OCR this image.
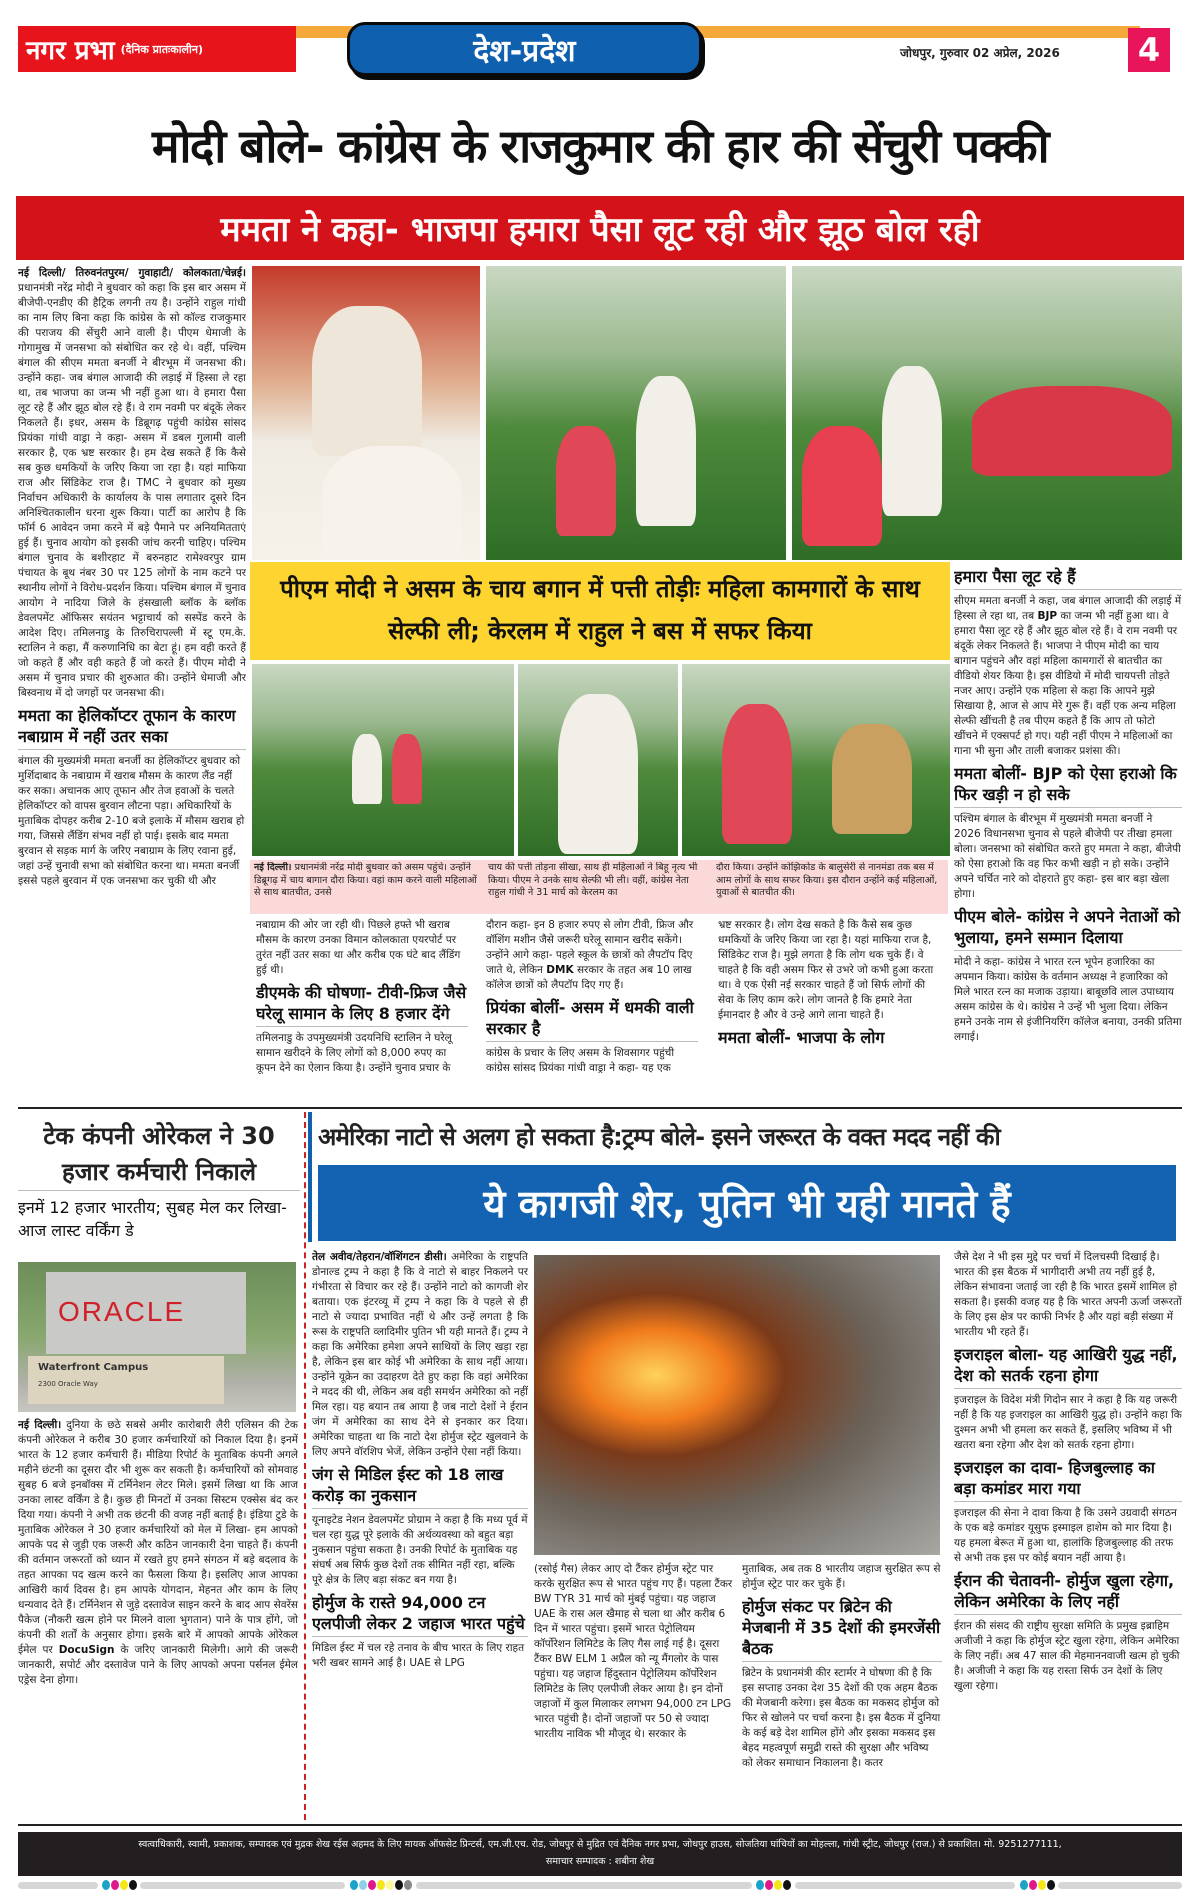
नगर प्रभा (दैनिक प्रातःकालीन)	देश-प्रदेश	जोधपुर, गुरुवार 02 अप्रेल, 2026	4
मोदी बोले- कांग्रेस के राजकुमार की हार की सेंचुरी पक्की
ममता ने कहा- भाजपा हमारा पैसा लूट रही और झूठ बोल रही
नई दिल्ली/ तिरुवनंतपुरम/ गुवाहाटी/ कोलकाता/चेन्नई। प्रधानमंत्री नरेंद्र मोदी ने बुधवार को कहा कि इस बार असम में बीजेपी-एनडीए की हैट्रिक लगनी तय है। उन्होंने राहुल गांधी का नाम लिए बिना कहा कि कांग्रेस के सो कॉल्ड राजकुमार की पराजय की सेंचुरी आने वाली है। पीएम धेमाजी के गोगामुख में जनसभा को संबोधित कर रहे थे। वहीं, पश्चिम बंगाल की सीएम ममता बनर्जी ने बीरभूम में जनसभा की। उन्होंने कहा- जब बंगाल आजादी की लड़ाई में हिस्सा ले रहा था, तब भाजपा का जन्म भी नहीं हुआ था। वे हमारा पैसा लूट रहे हैं और झूठ बोल रहे हैं। वे राम नवमी पर बंदूकें लेकर निकलते हैं। इधर, असम के डिब्रूगढ़ पहुंची कांग्रेस सांसद प्रियंका गांधी वाड्रा ने कहा- असम में डबल गुलामी वाली सरकार है, एक भ्रष्ट सरकार है। हम देख सकते हैं कि कैसे सब कुछ धमकियों के जरिए किया जा रहा है। यहां माफिया राज और सिंडिकेट राज है। TMC ने बुधवार को मुख्य निर्वाचन अधिकारी के कार्यालय के पास लगातार दूसरे दिन अनिश्चितकालीन धरना शुरू किया। पार्टी का आरोप है कि फॉर्म 6 आवेदन जमा करने में बड़े पैमाने पर अनियमितताएं हुई हैं। चुनाव आयोग को इसकी जांच करनी चाहिए। पश्चिम बंगाल चुनाव के बशीरहाट में बरुनहाट रामेश्वरपुर ग्राम पंचायत के बूथ नंबर 30 पर 125 लोगों के नाम कटने पर स्थानीय लोगों ने विरोध-प्रदर्शन किया। पश्चिम बंगाल में चुनाव आयोग ने नादिया जिले के हंसखाली ब्लॉक के ब्लॉक डेवलपमेंट ऑफिसर सयंतन भट्टाचार्य को सस्पेंड करने के आदेश दिए। तमिलनाडु के तिरुचिरापल्ली में स्टू एम.के. स्टालिन ने कहा, मैं करुणानिधि का बेटा हूं। हम वही करते हैं जो कहते हैं और वही कहते हैं जो करते हैं। पीएम मोदी ने असम में चुनाव प्रचार की शुरुआत की। उन्होंने धेमाजी और बिस्वनाथ में दो जगहों पर जनसभा की।
ममता का हेलिकॉप्टर तूफान के कारण नबाग्राम में नहीं उतर सका
बंगाल की मुख्यमंत्री ममता बनर्जी का हेलिकॉप्टर बुधवार को मुर्शिदाबाद के नबाग्राम में खराब मौसम के कारण लैंड नहीं कर सका। अचानक आए तूफान और तेज हवाओं के चलते हेलिकॉप्टर को वापस बुरवान लौटना पड़ा। अधिकारियों के मुताबिक दोपहर करीब 2-10 बजे इलाके में मौसम खराब हो गया, जिससे लैंडिंग संभव नहीं हो पाई। इसके बाद ममता बुरवान से सड़क मार्ग के जरिए नबाग्राम के लिए रवाना हुई, जहां उन्हें चुनावी सभा को संबोधित करना था। ममता बनर्जी इससे पहले बुरवान में एक जनसभा कर चुकी थी और
पीएम मोदी ने असम के चाय बगान में पत्ती तोड़ीः महिला कामगारों के साथ सेल्फी ली; केरलम में राहुल ने बस में सफर किया
नई दिल्ली। प्रधानमंत्री नरेंद्र मोदी बुधवार को असम पहुंचे। उन्होंने डिब्रूगढ़ में चाय बागान दौरा किया। वहां काम करने वाली महिलाओं से साथ बातचीत, उनसे
चाय की पत्ती तोड़ना सीखा, साथ ही महिलाओं ने बिहू नृत्य भी किया। पीएम ने उनके साथ सेल्फी भी ली। वहीं, कांग्रेस नेता राहुल गांधी ने 31 मार्च को केरलम का
दौरा किया। उन्होंने कोझिकोड के बालुसेरी से नानमंडा तक बस में आम लोगों के साथ सफर किया। इस दौरान उन्होंने कई महिलाओं, युवाओं से बातचीत की।
नबाग्राम की ओर जा रही थी। पिछले हफ्ते भी खराब मौसम के कारण उनका विमान कोलकाता एयरपोर्ट पर तुरंत नहीं उतर सका था और करीब एक घंटे बाद लैंडिंग हुई थी।
डीएमके की घोषणा- टीवी-फ्रिज जैसे घरेलू सामान के लिए 8 हजार देंगे
तमिलनाडु के उपमुख्यमंत्री उदयनिधि स्टालिन ने घरेलू सामान खरीदने के लिए लोगों को 8,000 रुपए का कूपन देने का ऐलान किया है। उन्होंने चुनाव प्रचार के
दौरान कहा- इन 8 हजार रुपए से लोग टीवी, फ्रिज और वॉशिंग मशीन जैसे जरूरी घरेलू सामान खरीद सकेंगे। उन्होंने आगे कहा- पहले स्कूल के छात्रों को लैपटॉप दिए जाते थे, लेकिन DMK सरकार के तहत अब 10 लाख कॉलेज छात्रों को लैपटॉप दिए गए हैं।
प्रियंका बोलीं- असम में धमकी वाली सरकार है
कांग्रेस के प्रचार के लिए असम के शिवसागर पहुंची कांग्रेस सांसद प्रियंका गांधी वाड्रा ने कहा- यह एक
भ्रष्ट सरकार है। लोग देख सकते है कि कैसे सब कुछ धमकियों के जरिए किया जा रहा है। यहां माफिया राज है, सिंडिकेट राज है। मुझे लगता है कि लोग थक चुके हैं। वे चाहते है कि वही असम फिर से उभरे जो कभी हुआ करता था। वे एक ऐसी नई सरकार चाहते हैं जो सिर्फ लोगों की सेवा के लिए काम करे। लोग जानते है कि हमारे नेता ईमानदार है और वे उन्हे आगे लाना चाहते हैं।
ममता बोलीं- भाजपा के लोग
हमारा पैसा लूट रहे हैं
सीएम ममता बनर्जी ने कहा, जब बंगाल आजादी की लड़ाई में हिस्सा ले रहा था, तब BJP का जन्म भी नहीं हुआ था। वे हमारा पैसा लूट रहे हैं और झूठ बोल रहे हैं। वे राम नवमी पर बंदूकें लेकर निकलते हैं। भाजपा ने पीएम मोदी का चाय बागान पहुंचने और वहां महिला कामगारों से बातचीत का वीडियो शेयर किया है। इस वीडियो में मोदी चायपत्ती तोड़ते नजर आए। उन्होंने एक महिला से कहा कि आपने मुझे सिखाया है, आज से आप मेरे गुरू हैं। वहीं एक अन्य महिला सेल्फी खींचती है तब पीएम कहते हैं कि आप तो फोटो खींचने में एक्सपर्ट हो गए। यही नहीं पीएम ने महिलाओं का गाना भी सुना और ताली बजाकर प्रशंसा की।
ममता बोलीं- BJP को ऐसा हराओ कि फिर खड़ी न हो सके
पश्चिम बंगाल के बीरभूम में मुख्यमंत्री ममता बनर्जी ने 2026 विधानसभा चुनाव से पहले बीजेपी पर तीखा हमला बोला। जनसभा को संबोधित करते हुए ममता ने कहा, बीजेपी को ऐसा हराओ कि वह फिर कभी खड़ी न हो सके। उन्होंने अपने चर्चित नारे को दोहराते हुए कहा- इस बार बड़ा खेला होगा।
पीएम बोले- कांग्रेस ने अपने नेताओं को भुलाया, हमने सम्मान दिलाया
मोदी ने कहा- कांग्रेस ने भारत रत्न भूपेन हजारिका का अपमान किया। कांग्रेस के वर्तमान अध्यक्ष ने हजारिका को मिले भारत रत्न का मजाक उड़ाया। बाबूछवि लाल उपाध्याय असम कांग्रेस के थे। कांग्रेस ने उन्हें भी भुला दिया। लेकिन हमने उनके नाम से इंजीनियरिंग कॉलेज बनाया, उनकी प्रतिमा लगाई।
टेक कंपनी ओरेकल ने 30 हजार कर्मचारी निकाले
इनमें 12 हजार भारतीय; सुबह मेल कर लिखा- आज लास्ट वर्किंग डे
ORACLE
Waterfront Campus
2300 Oracle Way
नई दिल्ली। दुनिया के छठे सबसे अमीर कारोबारी लैरी एलिसन की टेक कंपनी ओरेकल ने करीब 30 हजार कर्मचारियों को निकाल दिया है। इनमें भारत के 12 हजार कर्मचारी हैं। मीडिया रिपोर्ट के मुताबिक कंपनी अगले महीने छंटनी का दूसरा दौर भी शुरू कर सकती है। कर्मचारियों को सोमवाह सुबह 6 बजे इनबॉक्स में टर्मिनेशन लेटर मिले। इसमें लिखा था कि आज उनका लास्ट वर्किंग डे है। कुछ ही मिनटों में उनका सिस्टम एक्सेस बंद कर दिया गया। कंपनी ने अभी तक छंटनी की वजह नहीं बताई है। इंडिया टुडे के मुताबिक ओरेकल ने 30 हजार कर्मचारियों को मेल में लिखा- हम आपको आपके पद से जुड़ी एक जरूरी और कठिन जानकारी देना चाहते हैं। कंपनी की वर्तमान जरूरतों को ध्यान में रखते हुए हमने संगठन में बड़े बदलाव के तहत आपका पद खत्म करने का फैसला किया है। इसलिए आज आपका आखिरी कार्य दिवस है। हम आपके योगदान, मेहनत और काम के लिए धन्यवाद देते हैं। टर्मिनेशन से जुड़े दस्तावेज साइन करने के बाद आप सेवरेंस पैकेज (नौकरी खत्म होने पर मिलने वाला भुगतान) पाने के पात्र होंगे, जो कंपनी की शर्तों के अनुसार होगा। इसके बारे में आपको आपके ओरेकल ईमेल पर DocuSign के जरिए जानकारी मिलेगी। आगे की जरूरी जानकारी, सपोर्ट और दस्तावेज पाने के लिए आपको अपना पर्सनल ईमेल एड्रेस देना होगा।
अमेरिका नाटो से अलग हो सकता है:ट्रम्प बोले- इसने जरूरत के वक्त मदद नहीं की
ये कागजी शेर, पुतिन भी यही मानते हैं
तेल अवीव/तेहरान/वॉशिंगटन डीसी। अमेरिका के राष्ट्रपति डोनाल्ड ट्रम्प ने कहा है कि वे नाटो से बाहर निकलने पर गंभीरता से विचार कर रहे हैं। उन्होंने नाटो को कागजी शेर बताया। एक इंटरव्यू में ट्रम्प ने कहा कि वे पहले से ही नाटो से ज्यादा प्रभावित नहीं थे और उन्हें लगता है कि रूस के राष्ट्रपति व्लादिमीर पुतिन भी यही मानते हैं। ट्रम्प ने कहा कि अमेरिका हमेशा अपने साथियों के लिए खड़ा रहा है, लेकिन इस बार कोई भी अमेरिका के साथ नहीं आया। उन्होंने यूक्रेन का उदाहरण देते हुए कहा कि वहां अमेरिका ने मदद की थी, लेकिन अब वही समर्थन अमेरिका को नहीं मिल रहा। यह बयान तब आया है जब नाटो देशों ने ईरान जंग में अमेरिका का साथ देने से इनकार कर दिया। अमेरिका चाहता था कि नाटो देश होर्मुज स्ट्रेट खुलवाने के लिए अपने वॉरशिप भेजें, लेकिन उन्होंने ऐसा नहीं किया।
जंग से मिडिल ईस्ट को 18 लाख करोड़ का नुकसान
यूनाइटेड नेशन डेवलपमेंट प्रोग्राम ने कहा है कि मध्य पूर्व में चल रहा युद्ध पूरे इलाके की अर्थव्यवस्था को बहुत बड़ा नुकसान पहुंचा सकता है। उनकी रिपोर्ट के मुताबिक यह संघर्ष अब सिर्फ कुछ देशों तक सीमित नहीं रहा, बल्कि पूरे क्षेत्र के लिए बड़ा संकट बन गया है।
होर्मुज के रास्ते 94,000 टन एलपीजी लेकर 2 जहाज भारत पहुंचे
मिडिल ईस्ट में चल रहे तनाव के बीच भारत के लिए राहत भरी खबर सामने आई है। UAE से LPG
(रसोई गैस) लेकर आए दो टैंकर होर्मुज स्ट्रेट पार करके सुरक्षित रूप से भारत पहुंच गए हैं। पहला टैंकर BW TYR 31 मार्च को मुंबई पहुंचा। यह जहाज UAE के रास अल खैमाह से चला था और करीब 6 दिन में भारत पहुंचा। इसमें भारत पेट्रोलियम कॉर्पोरेशन लिमिटेड के लिए गैस लाई गई है। दूसरा टैंकर BW ELM 1 अप्रैल को न्यू मैंगलोर के पास पहुंचा। यह जहाज हिंदुस्तान पेट्रोलियम कॉर्पोरेशन लिमिटेड के लिए एलपीजी लेकर आया है। इन दोनों जहाजों में कुल मिलाकर लगभग 94,000 टन LPG भारत पहुंची है। दोनों जहाजों पर 50 से ज्यादा भारतीय नाविक भी मौजूद थे। सरकार के
मुताबिक, अब तक 8 भारतीय जहाज सुरक्षित रूप से होर्मुज स्ट्रेट पार कर चुके हैं।
होर्मुज संकट पर ब्रिटेन की मेजबानी में 35 देशों की इमरजेंसी बैठक
ब्रिटेन के प्रधानमंत्री कीर स्टार्मर ने घोषणा की है कि इस सप्ताह उनका देश 35 देशों की एक अहम बैठक की मेजबानी करेगा। इस बैठक का मकसद होर्मुज को फिर से खोलने पर चर्चा करना है। इस बैठक में दुनिया के कई बड़े देश शामिल होंगे और इसका मकसद इस बेहद महत्वपूर्ण समुद्री रास्ते की सुरक्षा और भविष्य को लेकर समाधान निकालना है। कतर
जैसे देश ने भी इस मुद्दे पर चर्चा में दिलचस्पी दिखाई है। भारत की इस बैठक में भागीदारी अभी तय नहीं हुई है, लेकिन संभावना जताई जा रही है कि भारत इसमें शामिल हो सकता है। इसकी वजह यह है कि भारत अपनी ऊर्जा जरूरतों के लिए इस क्षेत्र पर काफी निर्भर है और यहां बड़ी संख्या में भारतीय भी रहते हैं।
इजराइल बोला- यह आखिरी युद्ध नहीं, देश को सतर्क रहना होगा
इजराइल के विदेश मंत्री गिदोन सार ने कहा है कि यह जरूरी नहीं है कि यह इजराइल का आखिरी युद्ध हो। उन्होंने कहा कि दुश्मन अभी भी हमला कर सकते हैं, इसलिए भविष्य में भी खतरा बना रहेगा और देश को सतर्क रहना होगा।
इजराइल का दावा- हिजबुल्लाह का बड़ा कमांडर मारा गया
इजराइल की सेना ने दावा किया है कि उसने उग्रवादी संगठन के एक बड़े कमांडर यूसुफ इस्माइल हाशेम को मार दिया है। यह हमला बेरूत में हुआ था, हालांकि हिजबुल्लाह की तरफ से अभी तक इस पर कोई बयान नहीं आया है।
ईरान की चेतावनी- होर्मुज खुला रहेगा, लेकिन अमेरिका के लिए नहीं
ईरान की संसद की राष्ट्रीय सुरक्षा समिति के प्रमुख इब्राहिम अजीजी ने कहा कि होर्मुज स्ट्रेट खुला रहेगा, लेकिन अमेरिका के लिए नहीं। अब 47 साल की मेहमाननवाजी खत्म हो चुकी है। अजीजी ने कहा कि यह रास्ता सिर्फ उन देशों के लिए खुला रहेगा।
स्वत्वाधिकारी, स्वामी, प्रकाशक, सम्पादक एवं मुद्रक शेख रईस अहमद के लिए मायक ऑफसेट प्रिन्टर्स, एम.जी.एच. रोड, जोधपुर से मुद्रित एवं दैनिक नगर प्रभा, जोधपुर हाउस, सोजतिया घांचियों का मोहल्ला, गांधी स्ट्रीट, जोधपुर (राज.) से प्रकाशित। मो. 9251277111,
समाचार सम्पादक : शबीना शेख
